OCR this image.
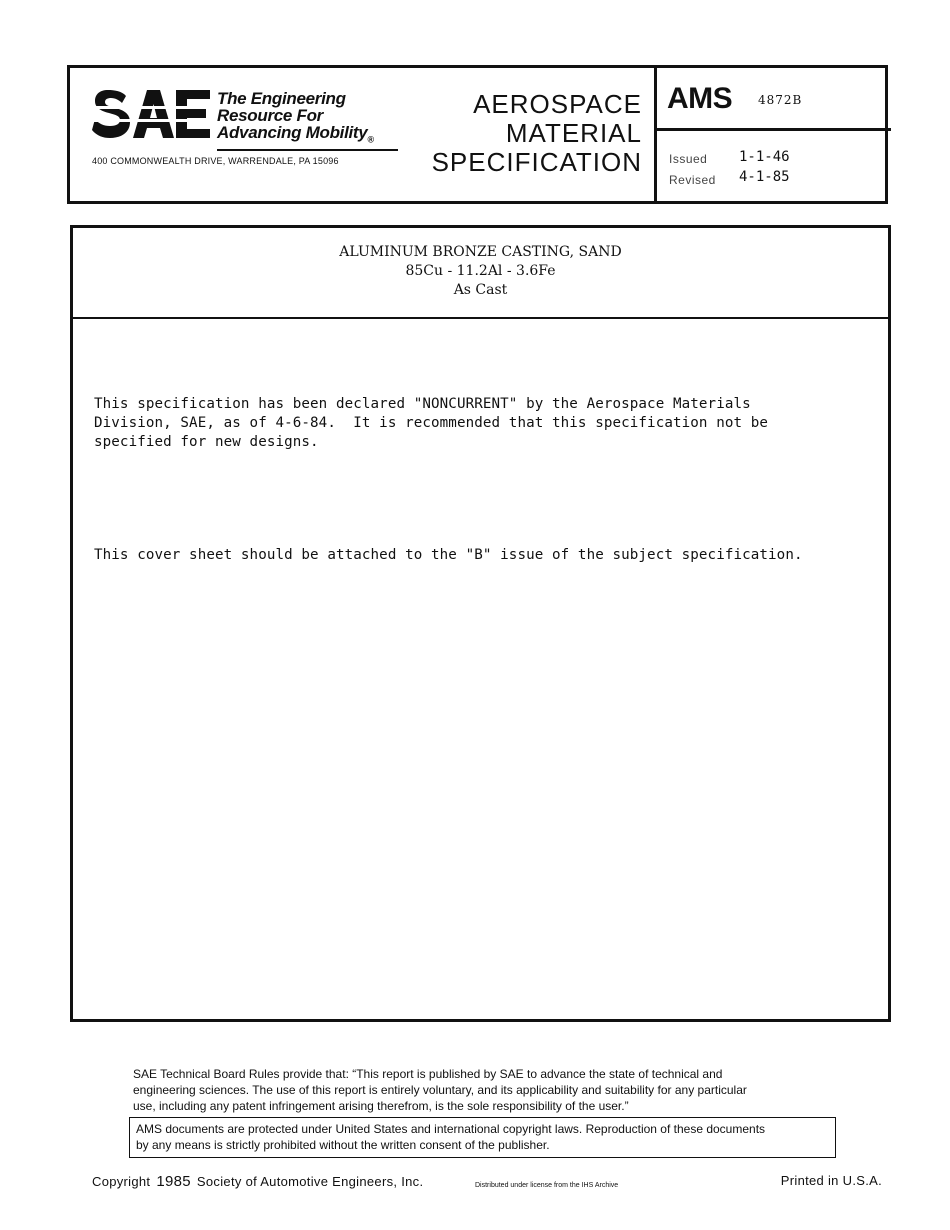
The Engineering
Resource For
Advancing Mobility$_®$
400 COMMONWEALTH DRIVE, WARRENDALE, PA 15096
AEROSPACE
MATERIAL
SPECIFICATION
AMS 4872B
Issued 1-1-46
Revised 4-1-85
ALUMINUM BRONZE CASTING, SAND
85Cu - 11.2Al - 3.6Fe
As Cast

This specification has been declared "NONCURRENT" by the Aerospace Materials
Division, SAE, as of 4-6-84.  It is recommended that this specification not be
specified for new designs.

This cover sheet should be attached to the "B" issue of the subject specification.

SAE Technical Board Rules provide that: “This report is published by SAE to advance the state of technical and
engineering sciences. The use of this report is entirely voluntary, and its applicability and suitability for any particular
use, including any patent infringement arising therefrom, is the sole responsibility of the user.”
AMS documents are protected under United States and international copyright laws. Reproduction of these documents
by any means is strictly prohibited without the written consent of the publisher.
Copyright 1985 Society of Automotive Engineers, Inc.	Distributed under license from the IHS Archive	Printed in U.S.A.
